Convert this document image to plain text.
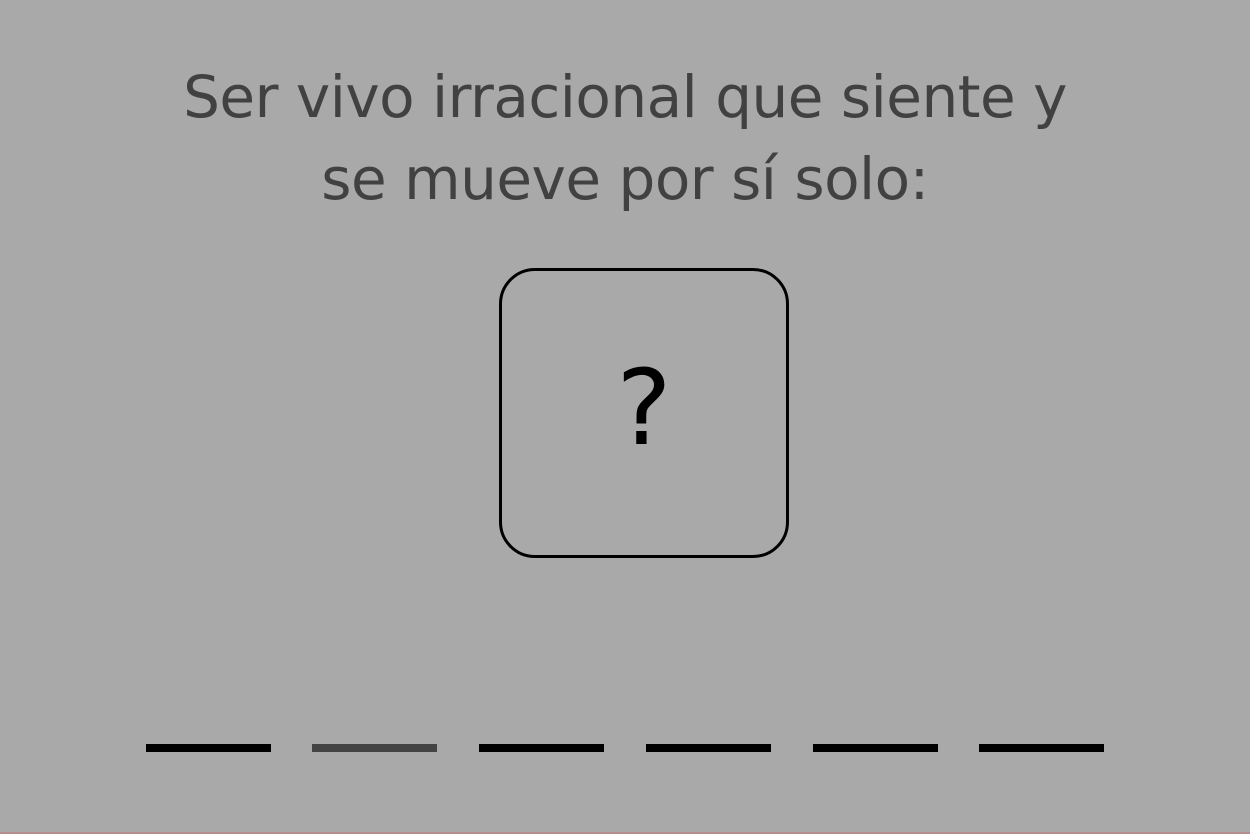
Ser vivo irracional que siente y
se mueve por sí solo:
?
